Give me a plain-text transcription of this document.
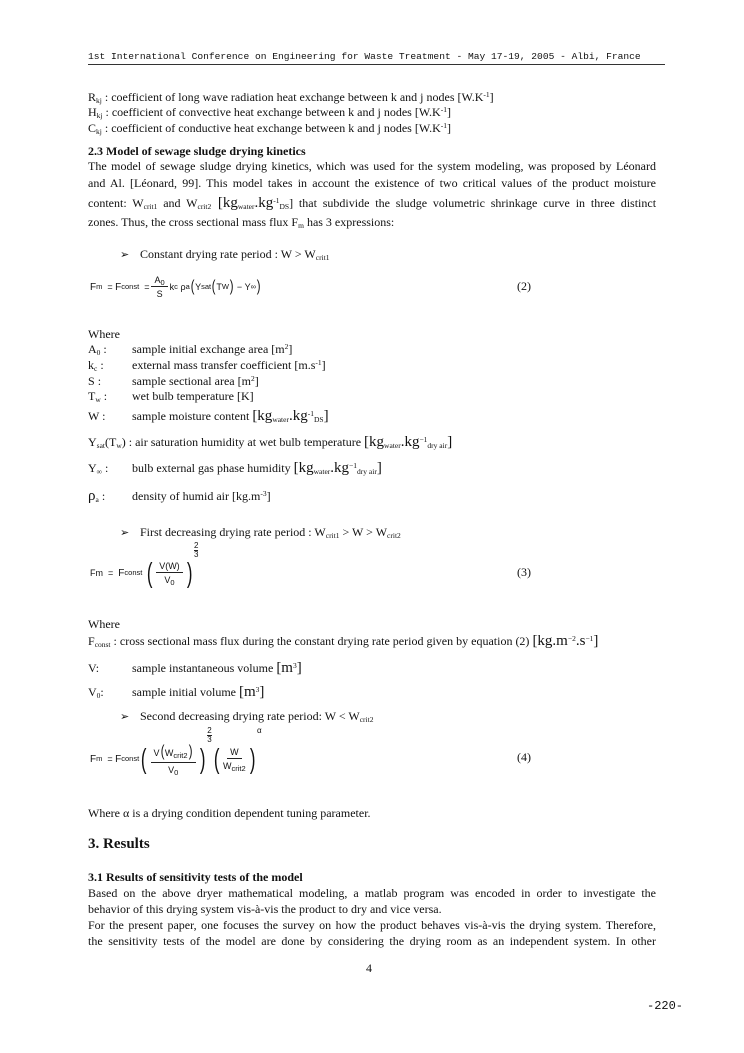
1st International Conference on Engineering for Waste Treatment - May 17-19, 2005 - Albi, France
$R_{kj}$ : coefficient of long wave radiation heat exchange between k and j nodes $[W.K^{-1}]$
$H_{kj}$ : coefficient of convective heat exchange between k and j nodes $[W.K^{-1}]$
$C_{kj}$ : coefficient of conductive heat exchange between k and j nodes $[W.K^{-1}]$
2.3 Model of sewage sludge drying kinetics
The model of sewage sludge drying kinetics, which was used for the system modeling, was proposed by Léonard
and Al. [Léonard, 99]. This model takes in account the existence of two critical values of the product moisture
content: $W_{crit1}$ and $W_{crit2}$ $[kg_{water}.kg^{-1}_{DS}]$ that subdivide the sludge volumetric shrinkage curve in three distinct
zones. Thus, the cross sectional mass flux $F_m$ has 3 expressions:
➢ Constant drying rate period : $W > W_{crit1}$
F m
=
F const
= $\frac{A_0}{S}$ k c
ρ a ( Y sat ( T W )
−
Y ∞ )	(2)
Where
$A_0$ : sample initial exchange area $[m^2]$
$k_c$ : external mass transfer coefficient $[m.s^{-1}]$
S :	sample sectional area $[m^2]$
$T_w$ : wet bulb temperature [K]
W : sample moisture content $[kg_{water}.kg^{-1}_{DS}]$
$Y_{sat}(T_w)$ : air saturation humidity at wet bulb temperature $[kg_{water}.kg^{-1}_{dry air}]$
$Y_\infty$ : bulb external gas phase humidity $[kg_{water}.kg^{-1}_{dry air}]$
$\rho_a$ : density of humid air $[kg.m^{-3}]$
➢ First decreasing drying rate period : $W_{crit1} > W > W_{crit2}$
Fm
=
F const
( $\frac{V(W)}{V_0}$ )
2
3
(3)
Where
$F_{const}$ : cross sectional mass flux during the constant drying rate period given by equation (2) $[kg.m^{-2}.s^{-1}]$
V:	sample instantaneous volume $[m^3]$
$V_0$: sample initial volume $[m^3]$
➢ Second decreasing drying rate period: $W < W_{crit2}$
F m
=
F const ( $\frac{V(W_{crit2})}{V_0}$ )
2
3
( $\frac{W}{W_{crit2}}$ )
α
(4)
Where α is a drying condition dependent tuning parameter.
3. Results
3.1 Results of sensitivity tests of the model
Based on the above dryer mathematical modeling, a matlab program was encoded in order to investigate the
behavior of this drying system vis-à-vis the product to dry and vice versa.
For the present paper, one focuses the survey on how the product behaves vis-à-vis the drying system. Therefore,
the sensitivity tests of the model are done by considering the drying room as an independent system. In other
4
-220-
